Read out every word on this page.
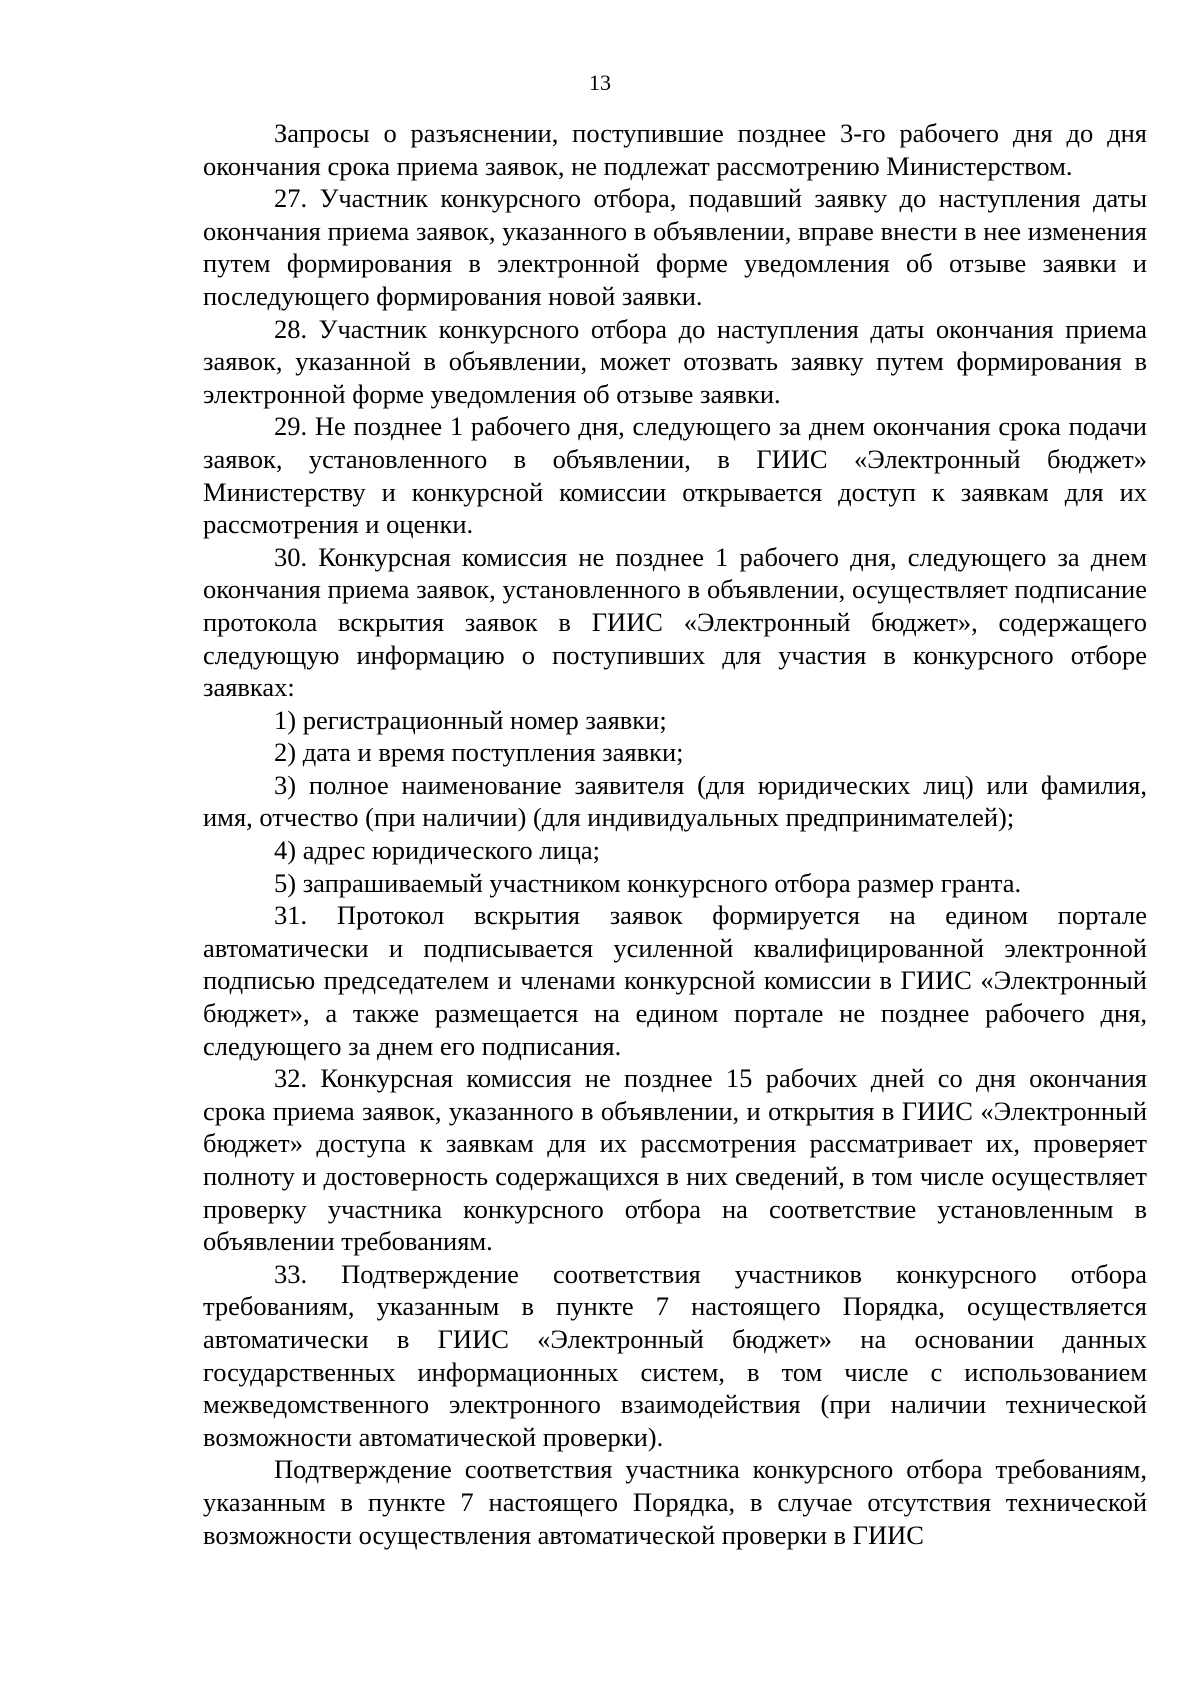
13

Запросы о разъяснении, поступившие позднее 3-го рабочего дня до дня окончания срока приема заявок, не подлежат рассмотрению Министерством.

27. Участник конкурсного отбора, подавший заявку до наступления даты окончания приема заявок, указанного в объявлении, вправе внести в нее изменения путем формирования в электронной форме уведомления об отзыве заявки и последующего формирования новой заявки.

28. Участник конкурсного отбора до наступления даты окончания приема заявок, указанной в объявлении, может отозвать заявку путем формирования в электронной форме уведомления об отзыве заявки.

29. Не позднее 1 рабочего дня, следующего за днем окончания срока подачи заявок, установленного в объявлении, в ГИИС «Электронный бюджет» Министерству и конкурсной комиссии открывается доступ к заявкам для их рассмотрения и оценки.

30. Конкурсная комиссия не позднее 1 рабочего дня, следующего за днем окончания приема заявок, установленного в объявлении, осуществляет подписание протокола вскрытия заявок в ГИИС «Электронный бюджет», содержащего следующую информацию о поступивших для участия в конкурсного отборе заявках:

1) регистрационный номер заявки;

2) дата и время поступления заявки;

3) полное наименование заявителя (для юридических лиц) или фамилия, имя, отчество (при наличии) (для индивидуальных предпринимателей);

4) адрес юридического лица;

5) запрашиваемый участником конкурсного отбора размер гранта.

31. Протокол вскрытия заявок формируется на едином портале автоматически и подписывается усиленной квалифицированной электронной подписью председателем и членами конкурсной комиссии в ГИИС «Электронный бюджет», а также размещается на едином портале не позднее рабочего дня, следующего за днем его подписания.

32. Конкурсная комиссия не позднее 15 рабочих дней со дня окончания срока приема заявок, указанного в объявлении, и открытия в ГИИС «Электронный бюджет» доступа к заявкам для их рассмотрения рассматривает их, проверяет полноту и достоверность содержащихся в них сведений, в том числе осуществляет проверку участника конкурсного отбора на соответствие установленным в объявлении требованиям.

33. Подтверждение соответствия участников конкурсного отбора требованиям, указанным в пункте 7 настоящего Порядка, осуществляется автоматически в ГИИС «Электронный бюджет» на основании данных государственных информационных систем, в том числе с использованием межведомственного электронного взаимодействия (при наличии технической возможности автоматической проверки).

Подтверждение соответствия участника конкурсного отбора требованиям, указанным в пункте 7 настоящего Порядка, в случае отсутствия технической возможности осуществления автоматической проверки в ГИИС
